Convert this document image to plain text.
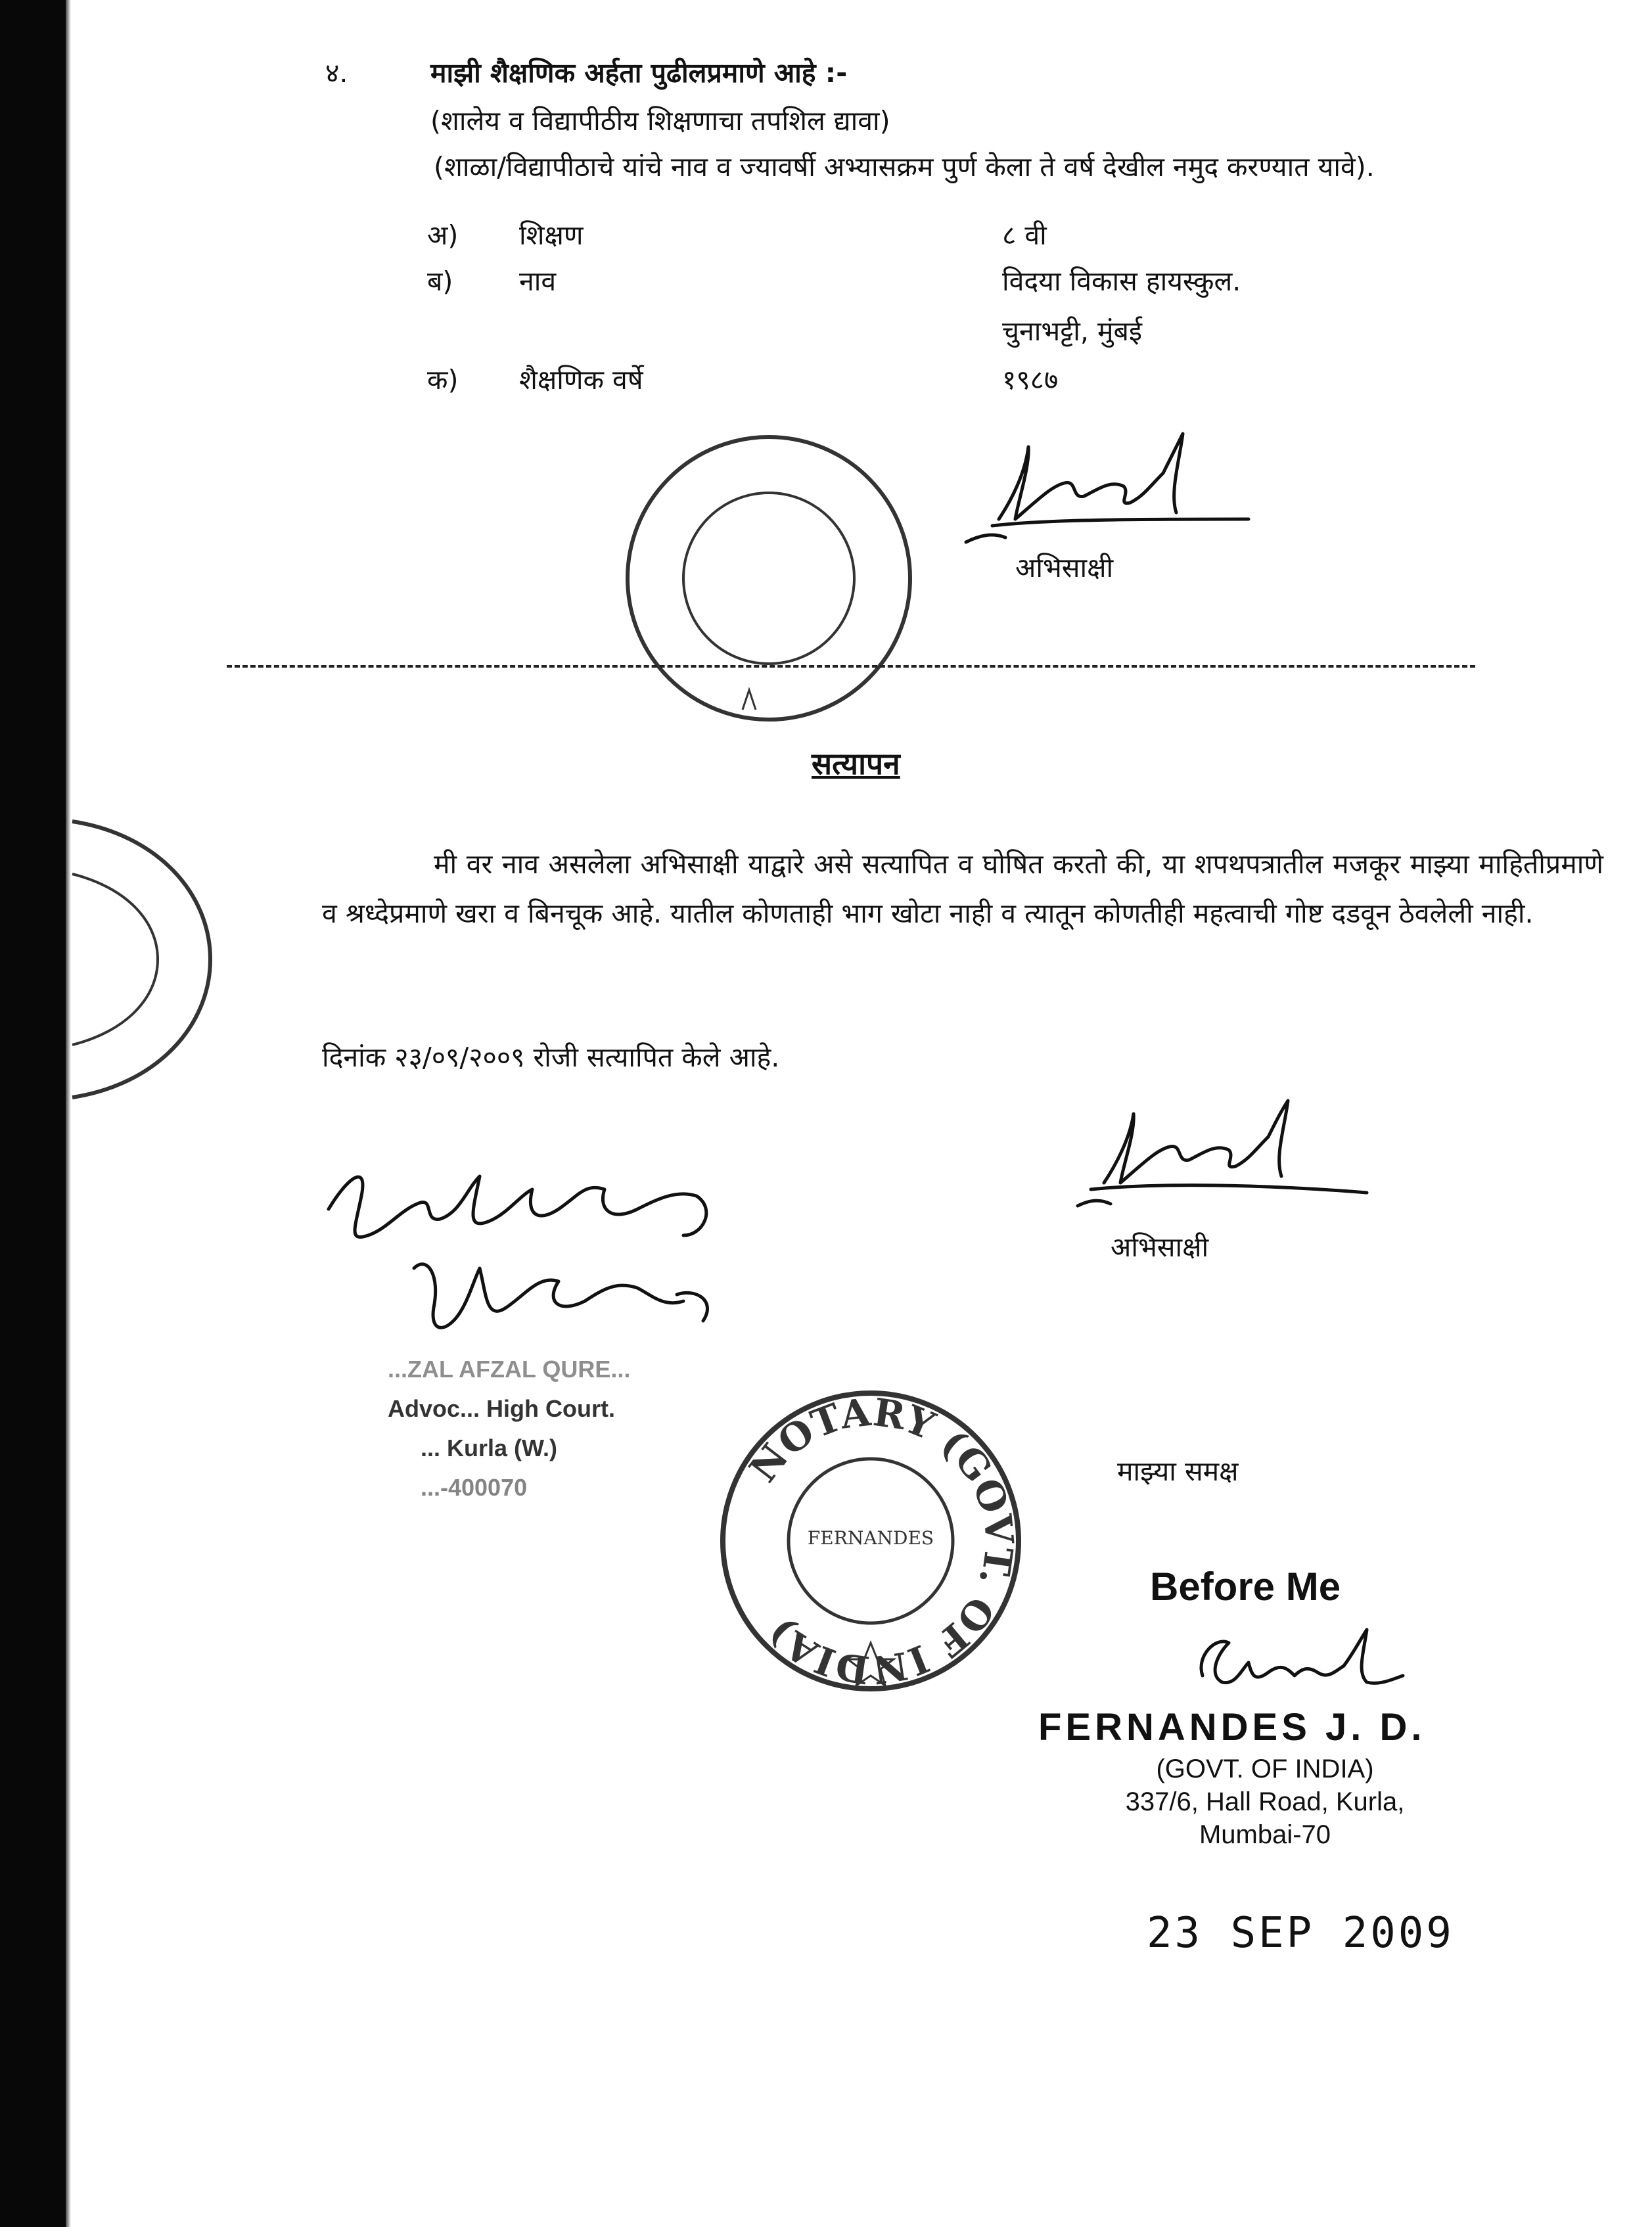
४.	माझी शैक्षणिक अर्हता पुढीलप्रमाणे आहे :-
(शालेय व विद्यापीठीय शिक्षणाचा तपशिल द्यावा)
(शाळा/विद्यापीठाचे यांचे नाव व ज्यावर्षी अभ्यासक्रम पुर्ण केला ते वर्ष देखील नमुद करण्यात यावे).
अ) शिक्षण	८ वी
ब) नाव	विदया विकास हायस्कुल.
चुनाभट्टी, मुंबई
क) शैक्षणिक वर्षे	१९८७
अभिसाक्षी
सत्यापन
मी वर नाव असलेला अभिसाक्षी याद्वारे असे सत्यापित व घोषित करतो की, या शपथपत्रातील मजकूर माझ्या माहितीप्रमाणे व श्रध्देप्रमाणे खरा व बिनचूक आहे. यातील कोणताही भाग खोटा नाही व त्यातून कोणतीही महत्वाची गोष्ट दडवून ठेवलेली नाही.
दिनांक २३/०९/२००९ रोजी सत्यापित केले आहे.
...ZAL AFZAL QURE...
Advoc... High Court.
... Kurla (W.)
...-400070
अभिसाक्षी
NOTARY (GOVT. OF INDIA)
FERNANDES
माझ्या समक्ष
Before Me
FERNANDES J. D.
(GOVT. OF INDIA)
337/6, Hall Road, Kurla,
Mumbai-70
23 SEP 2009
